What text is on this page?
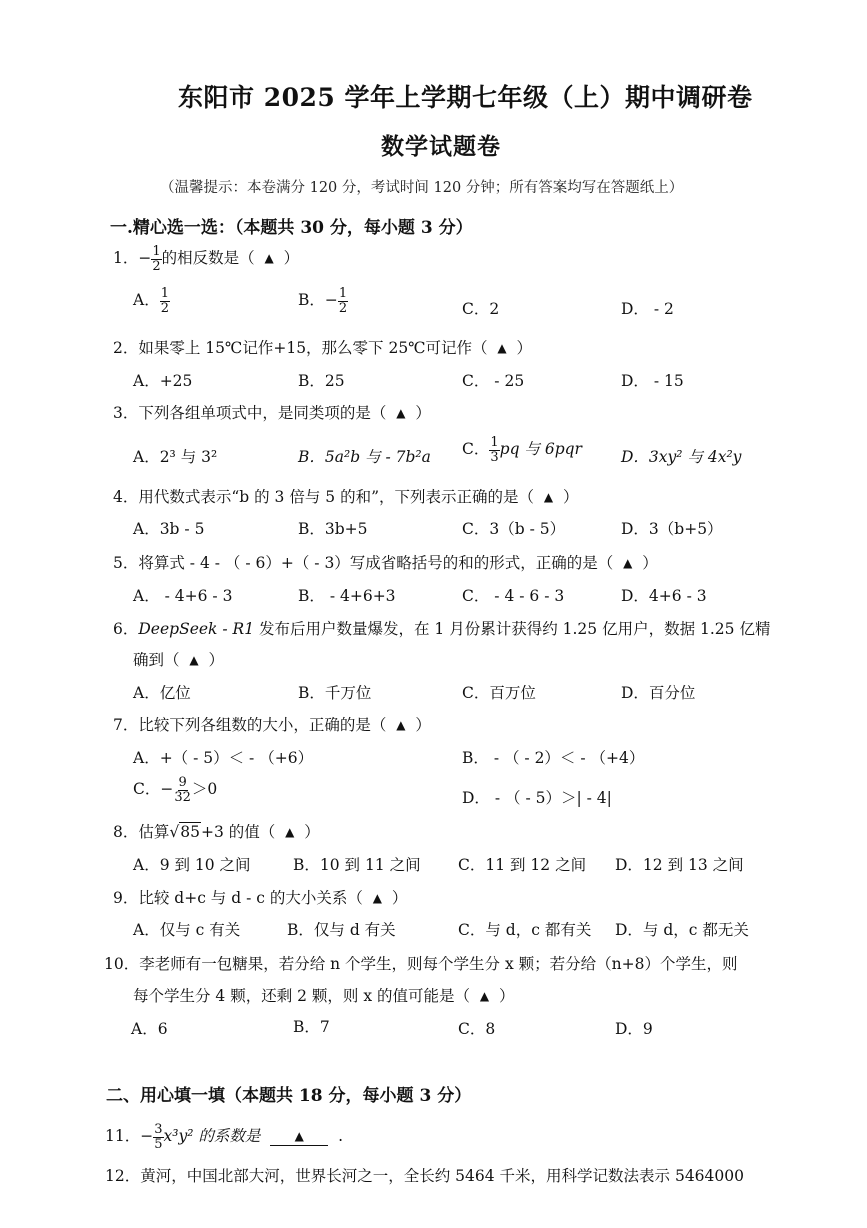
东阳市 2025 学年上学期七年级（上）期中调研卷
数学试题卷
（温馨提示：本卷满分 120 分，考试时间 120 分钟；所有答案均写在答题纸上）
一.精心选一选：（本题共 30 分，每小题 3 分）
1．− $\frac{1}{2}$ 的相反数是（ ▲ ）
A． $\frac{1}{2}$	B．− $\frac{1}{2}$	C．2	D． - 2
2．如果零上 15℃记作+15，那么零下 25℃可记作（ ▲ ）
A．+25	B．25	C． - 25	D． - 15
3．下列各组单项式中，是同类项的是（ ▲ ）
A．2³ 与 3²	B．5a²b 与 - 7b²a C． $\frac{1}{3}$ pq 与 6pqr	D．3xy² 与 4x²y
4．用代数式表示“b 的 3 倍与 5 的和”，下列表示正确的是（ ▲ ）
A．3b - 5	B．3b+5	C．3（b - 5）	D．3（b+5）
5．将算式 - 4 - （ - 6）+（ - 3）写成省略括号的和的形式，正确的是（ ▲ ）
A． - 4+6 - 3	B． - 4+6+3	C． - 4 - 6 - 3	D．4+6 - 3
6．DeepSeek - R1 发布后用户数量爆发，在 1 月份累计获得约 1.25 亿用户，数据 1.25 亿精
确到（ ▲ ）
A．亿位	B．千万位	C．百万位	D．百分位
7．比较下列各组数的大小，正确的是（ ▲ ）
A．+（ - 5）＜ - （+6）	B． - （ - 2）＜ - （+4）
C．− $\frac{9}{32} >0$	D． - （ - 5）＞| - 4|
8．估算√85+3 的值（ ▲ ）
A．9 到 10 之间	B．10 到 11 之间 C．11 到 12 之间 D．12 到 13 之间
9．比较 d+c 与 d - c 的大小关系（ ▲ ）
A．仅与 c 有关	B．仅与 d 有关	C．与 d，c 都有关 D．与 d，c 都无关
10．李老师有一包糖果，若分给 n 个学生，则每个学生分 x 颗；若分给（n+8）个学生，则
每个学生分 4 颗，还剩 2 颗，则 x 的值可能是（ ▲ ）
A．6	B．7	C．8	D．9
二、用心填一填（本题共 18 分，每小题 3 分）
11．− $\frac{3}{5} x^3y^2$ 的系数是	▲ .
12．黄河，中国北部大河，世界长河之一，全长约 5464 千米，用科学记数法表示 5464000
